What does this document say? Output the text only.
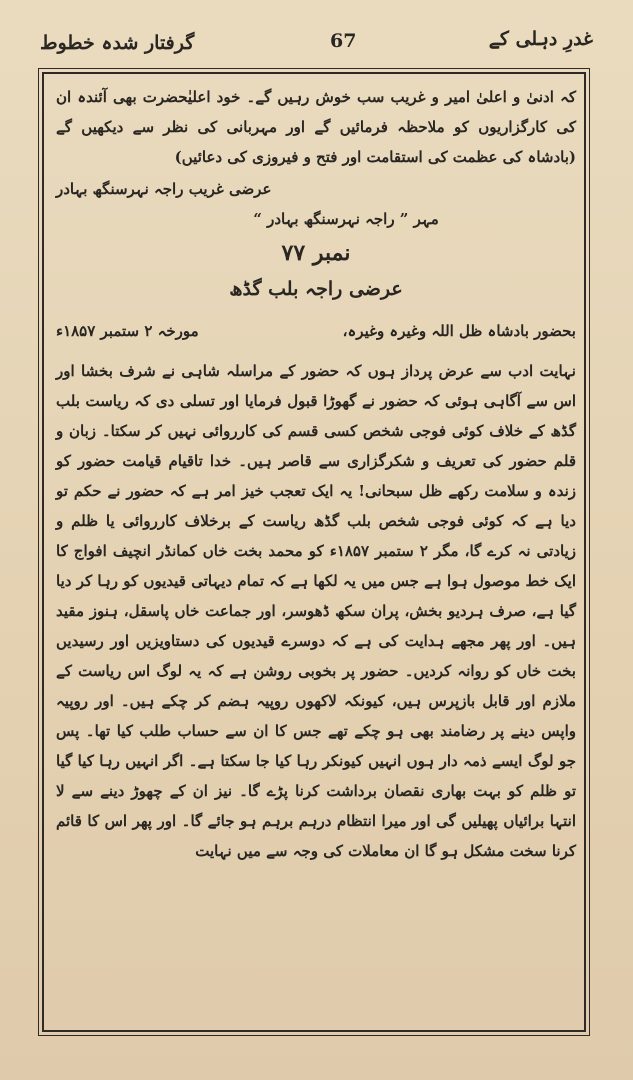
غدرِ دہلی کے
67
گرفتار شدہ خطوط

کہ ادنیٰ و اعلیٰ امیر و غریب سب خوش رہیں گے۔ خود اعلیٰحضرت بھی آئندہ ان کی کارگزاریوں کو ملاحظہ فرمائیں گے اور مہربانی کی نظر سے دیکھیں گے (بادشاہ کی عظمت کی استقامت اور فتح و فیروزی کی دعائیں)

عرضی غریب راجہ نہرسنگھ بہادر
مہر ” راجہ نہرسنگھ بہادر “
نمبر ۷۷
عرضی راجہ بلب گڈھ
بحضور بادشاہ ظل اللہ وغیرہ وغیرہ،
مورخہ ۲ ستمبر ۱۸۵۷ء

نہایت ادب سے عرض پرداز ہوں کہ حضور کے مراسلہ شاہی نے شرف بخشا اور اس سے آگاہی ہوئی کہ حضور نے گھوڑا قبول فرمایا اور تسلی دی کہ ریاست بلب گڈھ کے خلاف کوئی فوجی شخص کسی قسم کی کارروائی نہیں کر سکتا۔ زبان و قلم حضور کی تعریف و شکرگزاری سے قاصر ہیں۔ خدا تاقیام قیامت حضور کو زندہ و سلامت رکھے ظل سبحانی! یہ ایک تعجب خیز امر ہے کہ حضور نے حکم تو دیا ہے کہ کوئی فوجی شخص بلب گڈھ ریاست کے برخلاف کارروائی یا ظلم و زیادتی نہ کرے گا، مگر ۲ ستمبر ۱۸۵۷ء کو محمد بخت خاں کمانڈر انچیف افواج کا ایک خط موصول ہوا ہے جس میں یہ لکھا ہے کہ تمام دیہاتی قیدیوں کو رہا کر دیا گیا ہے، صرف ہردیو بخش، پران سکھ ڈھوسر، اور جماعت خاں پاسقل، ہنوز مقید ہیں۔ اور پھر مجھے ہدایت کی ہے کہ دوسرے قیدیوں کی دستاویزیں اور رسیدیں بخت خاں کو روانہ کردیں۔ حضور پر بخوبی روشن ہے کہ یہ لوگ اس ریاست کے ملازم اور قابل بازپرس ہیں، کیونکہ لاکھوں روپیہ ہضم کر چکے ہیں۔ اور روپیہ واپس دینے پر رضامند بھی ہو چکے تھے جس کا ان سے حساب طلب کیا تھا۔ پس جو لوگ ایسے ذمہ دار ہوں انہیں کیونکر رہا کیا جا سکتا ہے۔ اگر انہیں رہا کیا گیا تو ظلم کو بہت بھاری نقصان برداشت کرنا پڑے گا۔ نیز ان کے چھوڑ دینے سے لا انتہا برائیاں پھیلیں گی اور میرا انتظام درہم برہم ہو جائے گا۔ اور پھر اس کا قائم کرنا سخت مشکل ہو گا ان معاملات کی وجہ سے میں نہایت
